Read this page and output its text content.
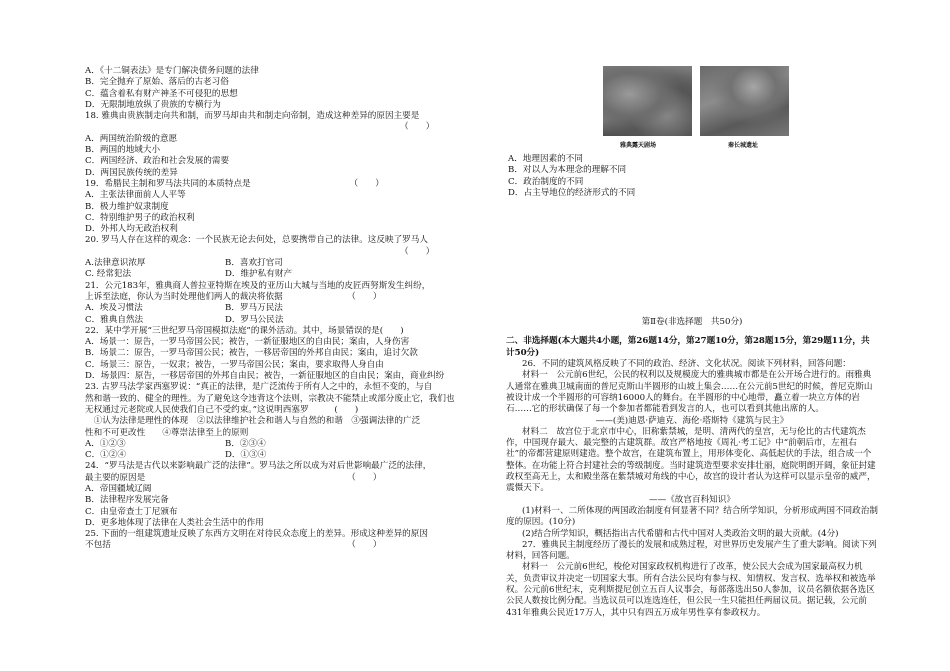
A．《十二铜表法》是专门解决债务问题的法律
B．完全抛弃了原始、落后的古老习俗
C．蕴含着私有财产神圣不可侵犯的思想
D．无限制地放纵了贵族的专横行为
18. 雅典由贵族制走向共和制，而罗马却由共和制走向帝制，造成这种差异的原因主要是
（　　）
A．两国统治阶级的意愿
B．两国的地域大小
C．两国经济、政治和社会发展的需要
D．两国民族传统的差异
19．希腊民主制和罗马法共同的本质特点是　　　　　　　　　　　　（　　）
A．主张法律面前人人平等
B．极力维护奴隶制度
C．特别维护男子的政治权利
D．外邦人均无政治权利
20. 罗马人存在这样的观念：一个民族无论去何处，总要携带自己的法律。这反映了罗马人
（　　）
A.法律意识浓厚	B．喜欢打官司
C. 经常犯法	D．维护私有财产
21．公元183年，雅典商人普拉亚特斯在埃及的亚历山大城与当地的皮匠西努斯发生纠纷，
上诉至法庭，你认为当时处理他们两人的裁决将依据　　　　　　　　（　　）
A．埃及习惯法	B．罗马万民法
C．雅典自然法	D．罗马公民法
22．某中学开展“三世纪罗马帝国模拟法庭”的课外活动。其中，场景错误的是(　　)
A．场景一：原告，一罗马帝国公民；被告，一新征服地区的自由民；案由，人身伤害
B．场景二：原告，一罗马帝国公民；被告，一移居帝国的外邦自由民；案由，追讨欠款
C．场景三：原告，一奴隶；被告，一罗马帝国公民；案由，要求取得人身自由
D．场景四：原告，一移居帝国的外邦自由民；被告，一新征服地区的自由民；案由，商业纠纷
23. 古罗马法学家西塞罗说：“真正的法律，是广泛流传于所有人之中的，永恒不变的，与自
然和谐一致的、健全的理性。为了避免这令违背这个法则，宗教决不能禁止或部分废止它，我们也
无权通过元老院或人民使我们自己不受约束。”这说明西塞罗　　　(　　)
　①认为法律是理性的体现　②以法律维护社会和谐人与自然的和谐　③强调法律的广泛
性和不可更改性　　④尊崇法律至上的原则
A．①②③	B．②③④
C．①②④	D．①③④
24．“罗马法是古代以来影响最广泛的法律”。罗马法之所以成为对后世影响最广泛的法律，
最主要的原因是　　　　　　　　　　　　　　　　　　　　　　　　（　　）
A．帝国疆域辽阔
B．法律程序发展完备
C．由皇帝查士丁尼颁布
D．更多地体现了法律在人类社会生活中的作用
25. 下面的一组建筑遗址反映了东西方文明在对待民众态度上的差异。形成这种差异的原因
不包括　　　　　　　　　　　　　　　　　　　　　　　　　　　　（　　）
雅典露天剧场	秦长城遗址
A．地理因素的不同
B．对以人为本理念的理解不同
C．政治制度的不同
D．占主导地位的经济形式的不同
第Ⅱ卷(非选择题　共50分)
二、非选择题(本大题共4小题，第26题14分，第27题10分，第28题15分，第29题11分，共计50分)
26．不同的建筑风格反映了不同的政治、经济、文化状况。阅读下列材料，回答问题：
材料一　公元前6世纪，公民的权利以及规模庞大的雅典城市都是在公开场合进行的。雨雅典人通常在雅典卫城南面的普尼克斯山半圆形的山坡上集会……在公元前5世纪的时候，普尼克斯山被设计成一个半圆形的可容纳16000人的舞台。在半圆形的中心地带，矗立着一块立方体的岩石……它的形状确保了每一个参加者都能看到发言的人，也可以看到其他出席的人。
——(美)迪恩·萨迪克、海伦·塔斯特《建筑与民主》
材料二　故宫位于北京市中心，旧称紫禁城，是明、清两代的皇宫，无与伦比的古代建筑杰作，中国现存最大、最完整的古建筑群。故宫严格地按《周礼·考工记》中“前朝后市，左祖右社”的帝都营建原则建造。整个故宫，在建筑布置上，用形体变化、高低起伏的手法，组合成一个整体。在功能上符合封建社会的等级制度。当时建筑造型要求安排壮丽，庭院明朗开阔，象征封建政权至高无上，太和殿坐落在紫禁城对角线的中心，故宫的设计者认为这样可以显示皇帝的威严，震慑天下。
——《故宫百科知识》
(1)材料一、二所体现的两国政治制度有何显著不同？结合所学知识，分析形成两国不同政治制度的原因。(10分)
(2)结合所学知识，概括指出古代希腊和古代中国对人类政治文明的最大贡献。(4分)
27．雅典民主制度经历了漫长的发展和成熟过程，对世界历史发展产生了重大影响。阅读下列材料，回答问题。
材料一　公元前6世纪，梭伦对国家政权机构进行了改革，使公民大会成为国家最高权力机关，负责审议并决定一切国家大事。所有合法公民均有参与权、知情权、发言权、选举权和被选举权。公元前6世纪末，克利斯提尼创立五百人议事会，每部落选出50人参加，议员名额依据各选区公民人数按比例分配。当选议员可以连选连任，但公民一生只能担任两届议员。据记载，公元前431年雅典公民近17万人，其中只有四五万成年男性享有参政权力。
